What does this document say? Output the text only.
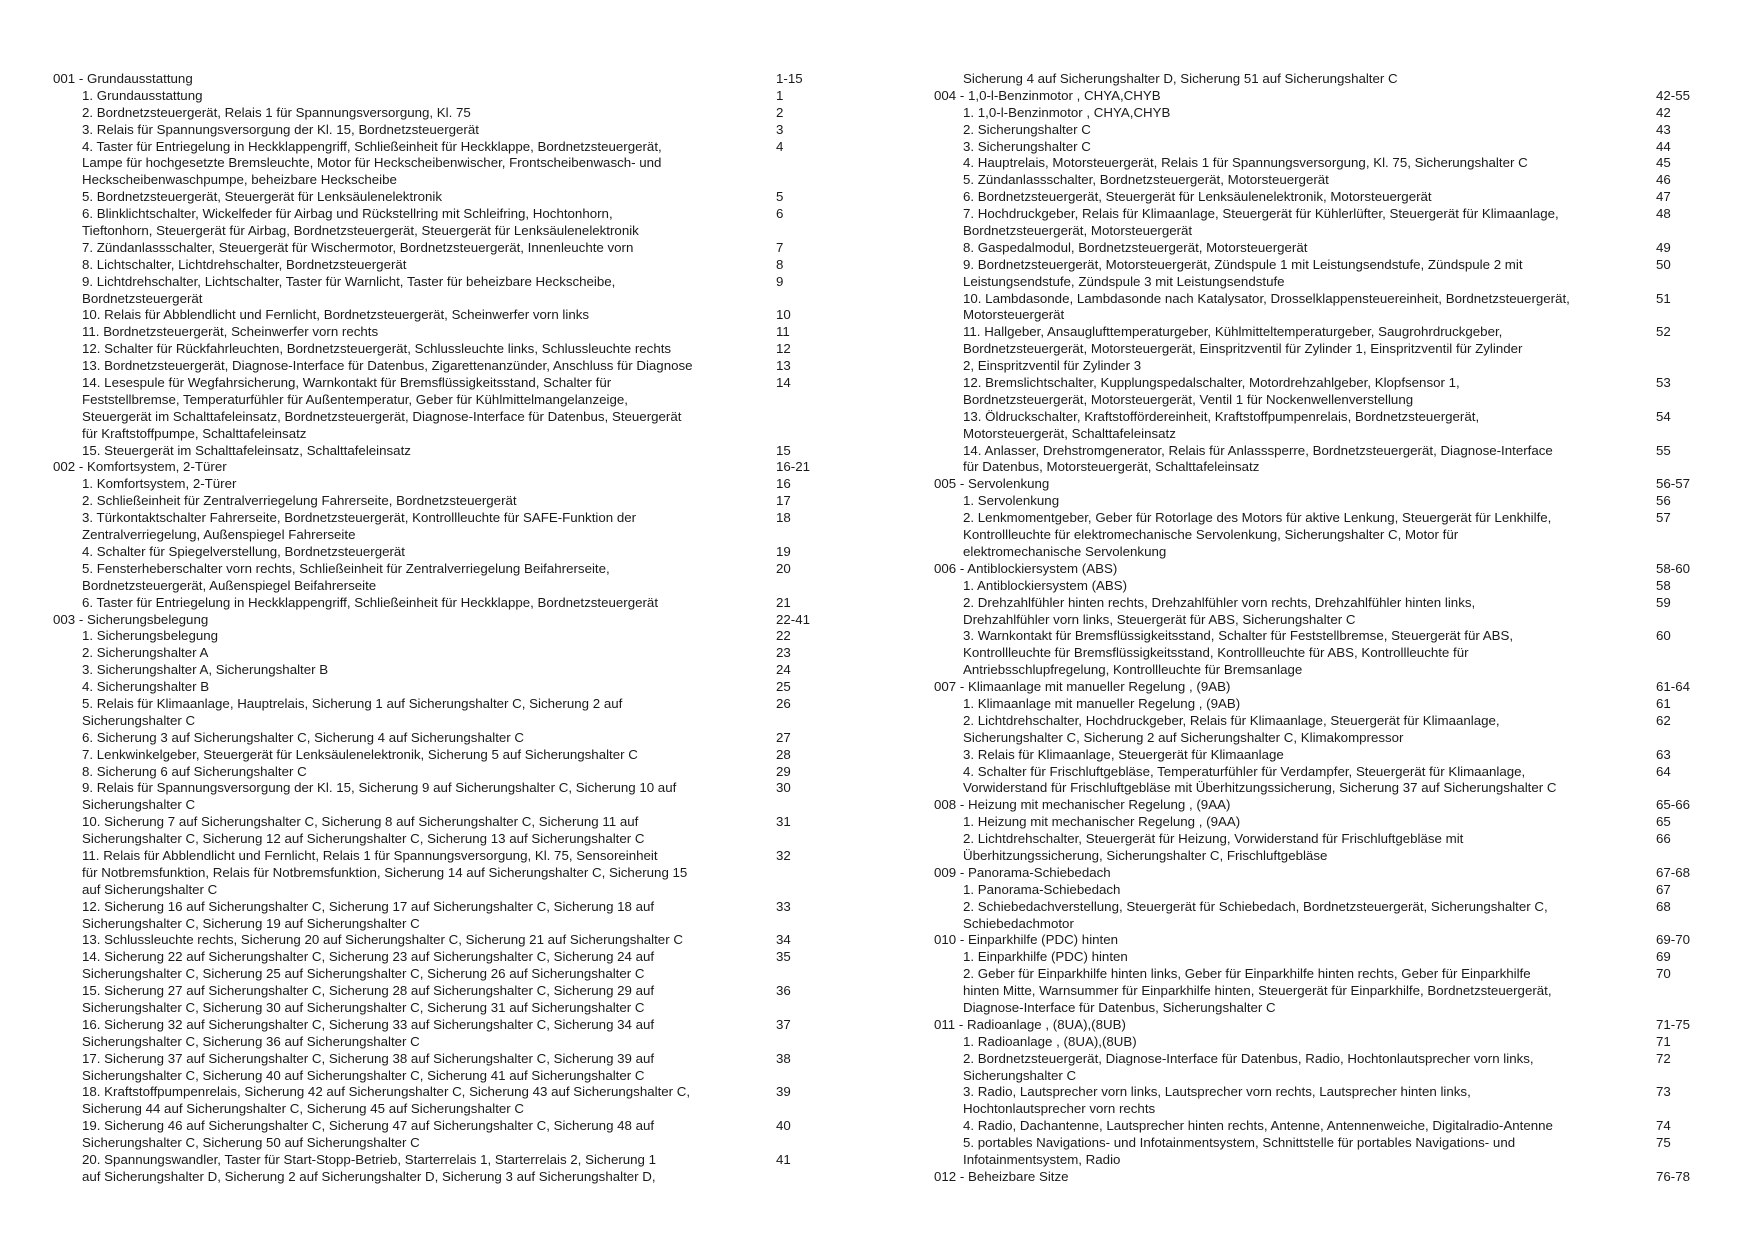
001 - Grundausstattung	1-15
1. Grundausstattung	1
2. Bordnetzsteuergerät, Relais 1 für Spannungsversorgung, Kl. 75	2
3. Relais für Spannungsversorgung der Kl. 15, Bordnetzsteuergerät	3
4. Taster für Entriegelung in Heckklappengriff, Schließeinheit für Heckklappe, Bordnetzsteuergerät,	4
Lampe für hochgesetzte Bremsleuchte, Motor für Heckscheibenwischer, Frontscheibenwasch- und
Heckscheibenwaschpumpe, beheizbare Heckscheibe
5. Bordnetzsteuergerät, Steuergerät für Lenksäulenelektronik	5
6. Blinklichtschalter, Wickelfeder für Airbag und Rückstellring mit Schleifring, Hochtonhorn,	6
Tieftonhorn, Steuergerät für Airbag, Bordnetzsteuergerät, Steuergerät für Lenksäulenelektronik
7. Zündanlassschalter, Steuergerät für Wischermotor, Bordnetzsteuergerät, Innenleuchte vorn	7
8. Lichtschalter, Lichtdrehschalter, Bordnetzsteuergerät	8
9. Lichtdrehschalter, Lichtschalter, Taster für Warnlicht, Taster für beheizbare Heckscheibe,	9
Bordnetzsteuergerät
10. Relais für Abblendlicht und Fernlicht, Bordnetzsteuergerät, Scheinwerfer vorn links	10
11. Bordnetzsteuergerät, Scheinwerfer vorn rechts	11
12. Schalter für Rückfahrleuchten, Bordnetzsteuergerät, Schlussleuchte links, Schlussleuchte rechts	12
13. Bordnetzsteuergerät, Diagnose-Interface für Datenbus, Zigarettenanzünder, Anschluss für Diagnose	13
14. Lesespule für Wegfahrsicherung, Warnkontakt für Bremsflüssigkeitsstand, Schalter für	14
Feststellbremse, Temperaturfühler für Außentemperatur, Geber für Kühlmittelmangelanzeige,
Steuergerät im Schalttafeleinsatz, Bordnetzsteuergerät, Diagnose-Interface für Datenbus, Steuergerät
für Kraftstoffpumpe, Schalttafeleinsatz
15. Steuergerät im Schalttafeleinsatz, Schalttafeleinsatz	15
002 - Komfortsystem, 2-Türer	16-21
1. Komfortsystem, 2-Türer	16
2. Schließeinheit für Zentralverriegelung Fahrerseite, Bordnetzsteuergerät	17
3. Türkontaktschalter Fahrerseite, Bordnetzsteuergerät, Kontrollleuchte für SAFE-Funktion der	18
Zentralverriegelung, Außenspiegel Fahrerseite
4. Schalter für Spiegelverstellung, Bordnetzsteuergerät	19
5. Fensterheberschalter vorn rechts, Schließeinheit für Zentralverriegelung Beifahrerseite,	20
Bordnetzsteuergerät, Außenspiegel Beifahrerseite
6. Taster für Entriegelung in Heckklappengriff, Schließeinheit für Heckklappe, Bordnetzsteuergerät	21
003 - Sicherungsbelegung	22-41
1. Sicherungsbelegung	22
2. Sicherungshalter A	23
3. Sicherungshalter A, Sicherungshalter B	24
4. Sicherungshalter B	25
5. Relais für Klimaanlage, Hauptrelais, Sicherung 1 auf Sicherungshalter C, Sicherung 2 auf	26
Sicherungshalter C
6. Sicherung 3 auf Sicherungshalter C, Sicherung 4 auf Sicherungshalter C	27
7. Lenkwinkelgeber, Steuergerät für Lenksäulenelektronik, Sicherung 5 auf Sicherungshalter C	28
8. Sicherung 6 auf Sicherungshalter C	29
9. Relais für Spannungsversorgung der Kl. 15, Sicherung 9 auf Sicherungshalter C, Sicherung 10 auf	30
Sicherungshalter C
10. Sicherung 7 auf Sicherungshalter C, Sicherung 8 auf Sicherungshalter C, Sicherung 11 auf	31
Sicherungshalter C, Sicherung 12 auf Sicherungshalter C, Sicherung 13 auf Sicherungshalter C
11. Relais für Abblendlicht und Fernlicht, Relais 1 für Spannungsversorgung, Kl. 75, Sensoreinheit	32
für Notbremsfunktion, Relais für Notbremsfunktion, Sicherung 14 auf Sicherungshalter C, Sicherung 15
auf Sicherungshalter C
12. Sicherung 16 auf Sicherungshalter C, Sicherung 17 auf Sicherungshalter C, Sicherung 18 auf	33
Sicherungshalter C, Sicherung 19 auf Sicherungshalter C
13. Schlussleuchte rechts, Sicherung 20 auf Sicherungshalter C, Sicherung 21 auf Sicherungshalter C	34
14. Sicherung 22 auf Sicherungshalter C, Sicherung 23 auf Sicherungshalter C, Sicherung 24 auf	35
Sicherungshalter C, Sicherung 25 auf Sicherungshalter C, Sicherung 26 auf Sicherungshalter C
15. Sicherung 27 auf Sicherungshalter C, Sicherung 28 auf Sicherungshalter C, Sicherung 29 auf	36
Sicherungshalter C, Sicherung 30 auf Sicherungshalter C, Sicherung 31 auf Sicherungshalter C
16. Sicherung 32 auf Sicherungshalter C, Sicherung 33 auf Sicherungshalter C, Sicherung 34 auf	37
Sicherungshalter C, Sicherung 36 auf Sicherungshalter C
17. Sicherung 37 auf Sicherungshalter C, Sicherung 38 auf Sicherungshalter C, Sicherung 39 auf	38
Sicherungshalter C, Sicherung 40 auf Sicherungshalter C, Sicherung 41 auf Sicherungshalter C
18. Kraftstoffpumpenrelais, Sicherung 42 auf Sicherungshalter C, Sicherung 43 auf Sicherungshalter C,	39
Sicherung 44 auf Sicherungshalter C, Sicherung 45 auf Sicherungshalter C
19. Sicherung 46 auf Sicherungshalter C, Sicherung 47 auf Sicherungshalter C, Sicherung 48 auf	40
Sicherungshalter C, Sicherung 50 auf Sicherungshalter C
20. Spannungswandler, Taster für Start-Stopp-Betrieb, Starterrelais 1, Starterrelais 2, Sicherung 1	41
auf Sicherungshalter D, Sicherung 2 auf Sicherungshalter D, Sicherung 3 auf Sicherungshalter D,
Sicherung 4 auf Sicherungshalter D, Sicherung 51 auf Sicherungshalter C
004 - 1,0-l-Benzinmotor , CHYA,CHYB	42-55
1. 1,0-l-Benzinmotor , CHYA,CHYB	42
2. Sicherungshalter C	43
3. Sicherungshalter C	44
4. Hauptrelais, Motorsteuergerät, Relais 1 für Spannungsversorgung, Kl. 75, Sicherungshalter C	45
5. Zündanlassschalter, Bordnetzsteuergerät, Motorsteuergerät	46
6. Bordnetzsteuergerät, Steuergerät für Lenksäulenelektronik, Motorsteuergerät	47
7. Hochdruckgeber, Relais für Klimaanlage, Steuergerät für Kühlerlüfter, Steuergerät für Klimaanlage,	48
Bordnetzsteuergerät, Motorsteuergerät
8. Gaspedalmodul, Bordnetzsteuergerät, Motorsteuergerät	49
9. Bordnetzsteuergerät, Motorsteuergerät, Zündspule 1 mit Leistungsendstufe, Zündspule 2 mit	50
Leistungsendstufe, Zündspule 3 mit Leistungsendstufe
10. Lambdasonde, Lambdasonde nach Katalysator, Drosselklappensteuereinheit, Bordnetzsteuergerät,	51
Motorsteuergerät
11. Hallgeber, Ansauglufttemperaturgeber, Kühlmitteltemperaturgeber, Saugrohrdruckgeber,	52
Bordnetzsteuergerät, Motorsteuergerät, Einspritzventil für Zylinder 1, Einspritzventil für Zylinder
2, Einspritzventil für Zylinder 3
12. Bremslichtschalter, Kupplungspedalschalter, Motordrehzahlgeber, Klopfsensor 1,	53
Bordnetzsteuergerät, Motorsteuergerät, Ventil 1 für Nockenwellenverstellung
13. Öldruckschalter, Kraftstoffördereinheit, Kraftstoffpumpenrelais, Bordnetzsteuergerät,	54
Motorsteuergerät, Schalttafeleinsatz
14. Anlasser, Drehstromgenerator, Relais für Anlasssperre, Bordnetzsteuergerät, Diagnose-Interface	55
für Datenbus, Motorsteuergerät, Schalttafeleinsatz
005 - Servolenkung	56-57
1. Servolenkung	56
2. Lenkmomentgeber, Geber für Rotorlage des Motors für aktive Lenkung, Steuergerät für Lenkhilfe,	57
Kontrollleuchte für elektromechanische Servolenkung, Sicherungshalter C, Motor für
elektromechanische Servolenkung
006 - Antiblockiersystem (ABS)	58-60
1. Antiblockiersystem (ABS)	58
2. Drehzahlfühler hinten rechts, Drehzahlfühler vorn rechts, Drehzahlfühler hinten links,	59
Drehzahlfühler vorn links, Steuergerät für ABS, Sicherungshalter C
3. Warnkontakt für Bremsflüssigkeitsstand, Schalter für Feststellbremse, Steuergerät für ABS,	60
Kontrollleuchte für Bremsflüssigkeitsstand, Kontrollleuchte für ABS, Kontrollleuchte für
Antriebsschlupfregelung, Kontrollleuchte für Bremsanlage
007 - Klimaanlage mit manueller Regelung , (9AB)	61-64
1. Klimaanlage mit manueller Regelung , (9AB)	61
2. Lichtdrehschalter, Hochdruckgeber, Relais für Klimaanlage, Steuergerät für Klimaanlage,	62
Sicherungshalter C, Sicherung 2 auf Sicherungshalter C, Klimakompressor
3. Relais für Klimaanlage, Steuergerät für Klimaanlage	63
4. Schalter für Frischluftgebläse, Temperaturfühler für Verdampfer, Steuergerät für Klimaanlage,	64
Vorwiderstand für Frischluftgebläse mit Überhitzungssicherung, Sicherung 37 auf Sicherungshalter C
008 - Heizung mit mechanischer Regelung , (9AA)	65-66
1. Heizung mit mechanischer Regelung , (9AA)	65
2. Lichtdrehschalter, Steuergerät für Heizung, Vorwiderstand für Frischluftgebläse mit	66
Überhitzungssicherung, Sicherungshalter C, Frischluftgebläse
009 - Panorama-Schiebedach	67-68
1. Panorama-Schiebedach	67
2. Schiebedachverstellung, Steuergerät für Schiebedach, Bordnetzsteuergerät, Sicherungshalter C,	68
Schiebedachmotor
010 - Einparkhilfe (PDC) hinten	69-70
1. Einparkhilfe (PDC) hinten	69
2. Geber für Einparkhilfe hinten links, Geber für Einparkhilfe hinten rechts, Geber für Einparkhilfe	70
hinten Mitte, Warnsummer für Einparkhilfe hinten, Steuergerät für Einparkhilfe, Bordnetzsteuergerät,
Diagnose-Interface für Datenbus, Sicherungshalter C
011 - Radioanlage , (8UA),(8UB)	71-75
1. Radioanlage , (8UA),(8UB)	71
2. Bordnetzsteuergerät, Diagnose-Interface für Datenbus, Radio, Hochtonlautsprecher vorn links,	72
Sicherungshalter C
3. Radio, Lautsprecher vorn links, Lautsprecher vorn rechts, Lautsprecher hinten links,	73
Hochtonlautsprecher vorn rechts
4. Radio, Dachantenne, Lautsprecher hinten rechts, Antenne, Antennenweiche, Digitalradio-Antenne	74
5. portables Navigations- und Infotainmentsystem, Schnittstelle für portables Navigations- und	75
Infotainmentsystem, Radio
012 - Beheizbare Sitze	76-78
